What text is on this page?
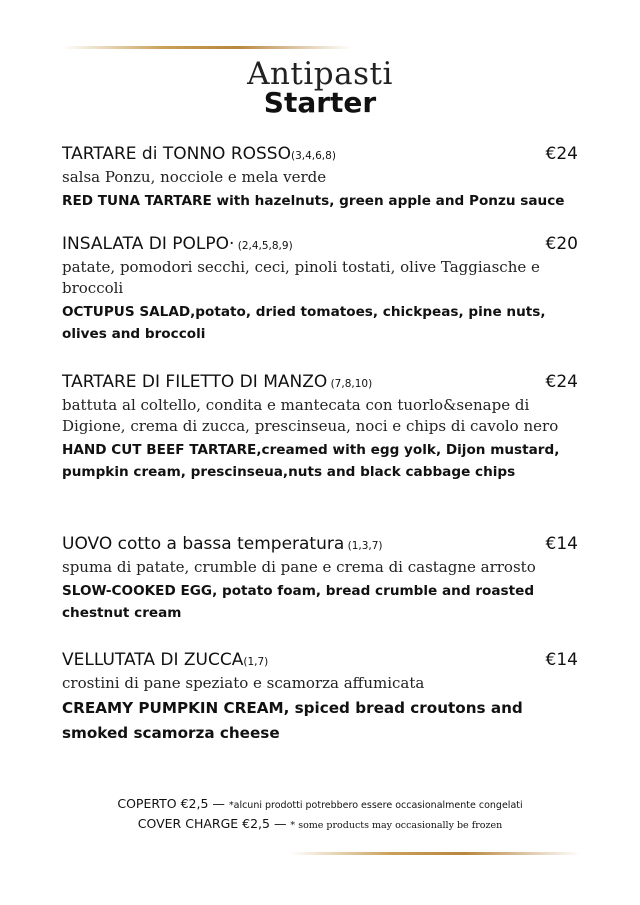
Antipasti
Starter
TARTARE di TONNO ROSSO(3,4,6,8)	€24
salsa Ponzu, nocciole e mela verde
RED TUNA TARTARE with hazelnuts, green apple and Ponzu sauce
INSALATA DI POLPO· (2,4,5,8,9)	€20
patate, pomodori secchi, ceci, pinoli tostati, olive Taggiasche e broccoli
OCTUPUS SALAD,potato, dried tomatoes, chickpeas, pine nuts, olives and broccoli
TARTARE DI FILETTO DI MANZO (7,8,10)	€24
battuta al coltello, condita e mantecata con tuorlo&senape di Digione, crema di zucca, prescinseua, noci e chips di cavolo nero
HAND CUT BEEF TARTARE,creamed with egg yolk, Dijon mustard, pumpkin cream, prescinseua,nuts and black cabbage chips
UOVO cotto a bassa temperatura (1,3,7)	€14
spuma di patate, crumble di pane e crema di castagne arrosto
SLOW-COOKED EGG, potato foam, bread crumble and roasted chestnut cream
VELLUTATA DI ZUCCA(1,7)	€14
crostini di pane speziato e scamorza affumicata
CREAMY PUMPKIN CREAM, spiced bread croutons and smoked scamorza cheese
COPERTO €2,5 — *alcuni prodotti potrebbero essere occasionalmente congelati
COVER CHARGE €2,5 — * some products may occasionally be frozen
